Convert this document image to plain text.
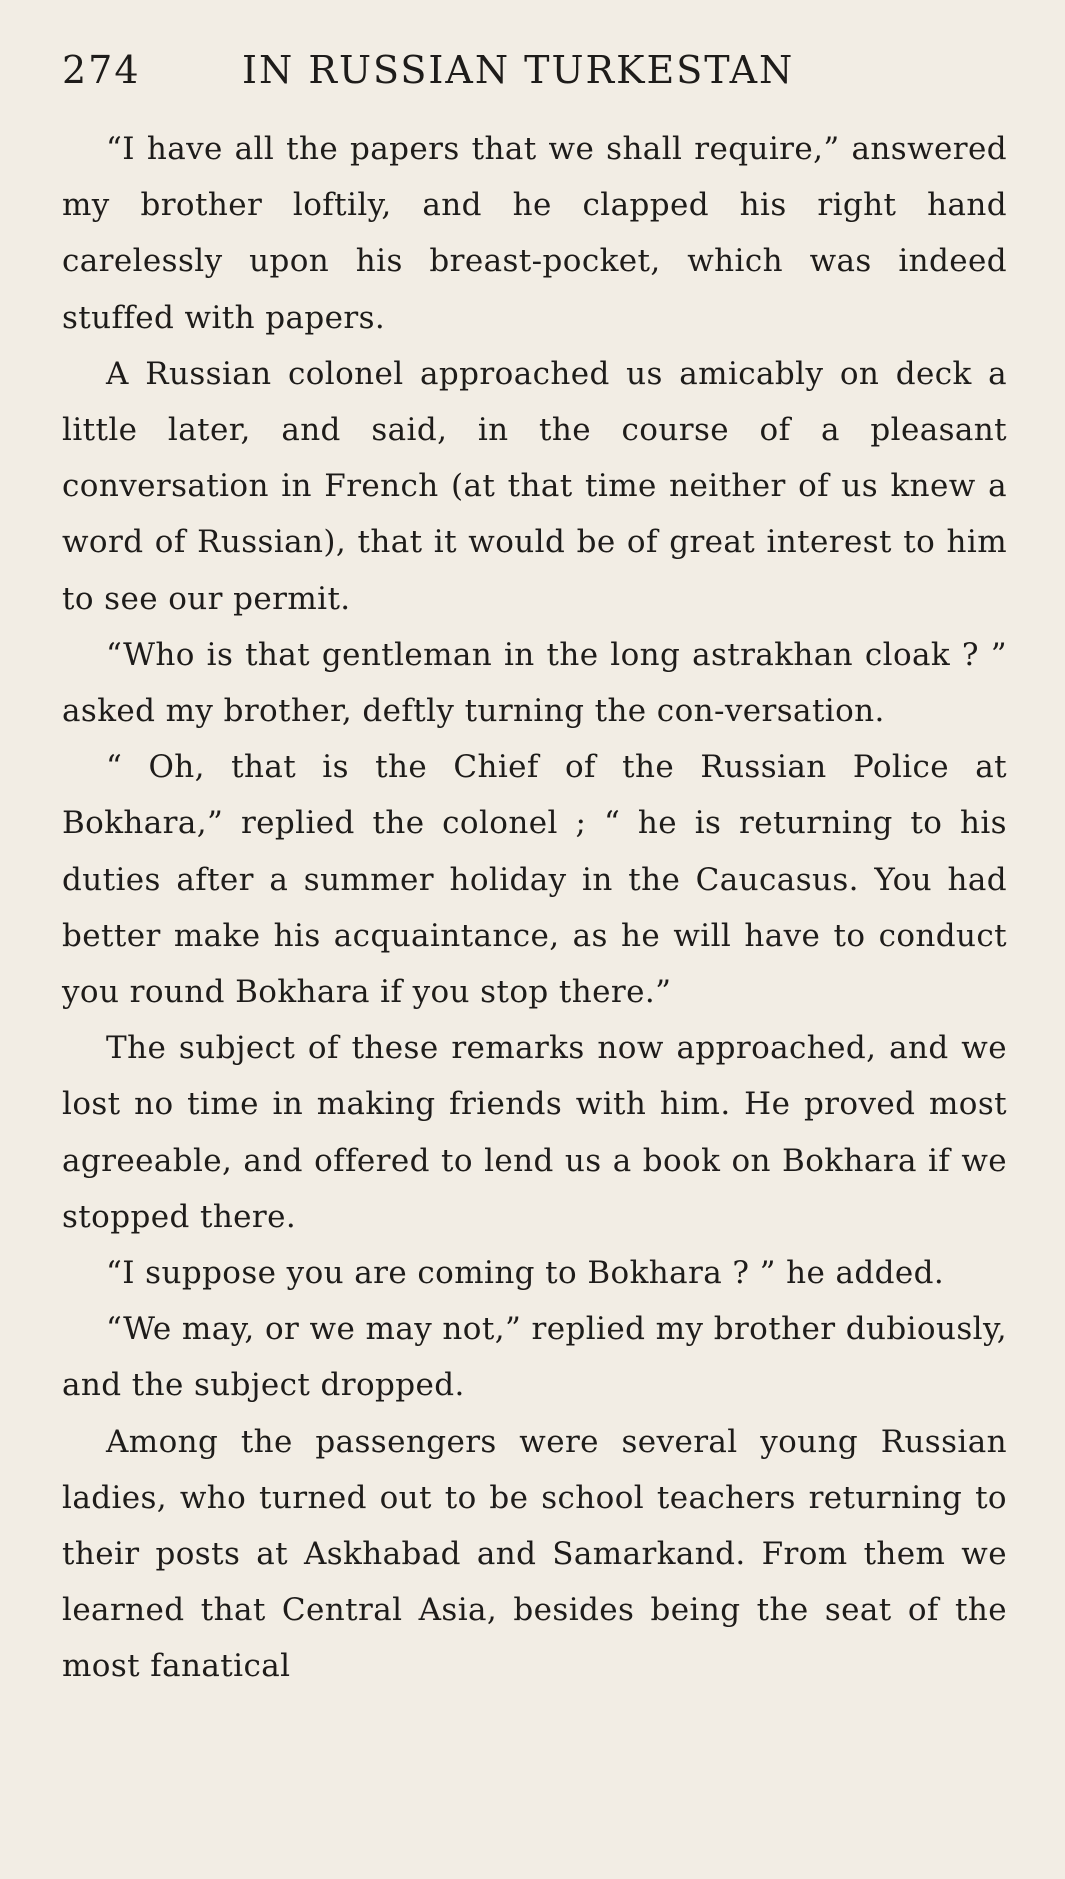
274	IN RUSSIAN TURKESTAN

“I have all the papers that we shall require,” answered my brother loftily, and he clapped his right hand carelessly upon his breast-pocket, which was indeed stuffed with papers.

A Russian colonel approached us amicably on deck a little later, and said, in the course of a pleasant conversation in French (at that time neither of us knew a word of Russian), that it would be of great interest to him to see our permit.

“Who is that gentleman in the long astrakhan cloak ? ” asked my brother, deftly turning the con-versation.

“ Oh, that is the Chief of the Russian Police at Bokhara,” replied the colonel ; “ he is returning to his duties after a summer holiday in the Caucasus. You had better make his acquaintance, as he will have to conduct you round Bokhara if you stop there.”

The subject of these remarks now approached, and we lost no time in making friends with him. He proved most agreeable, and offered to lend us a book on Bokhara if we stopped there.

“I suppose you are coming to Bokhara ? ” he added.

“We may, or we may not,” replied my brother dubiously, and the subject dropped.

Among the passengers were several young Russian ladies, who turned out to be school teachers returning to their posts at Askhabad and Samarkand. From them we learned that Central Asia, besides being the seat of the most fanatical
